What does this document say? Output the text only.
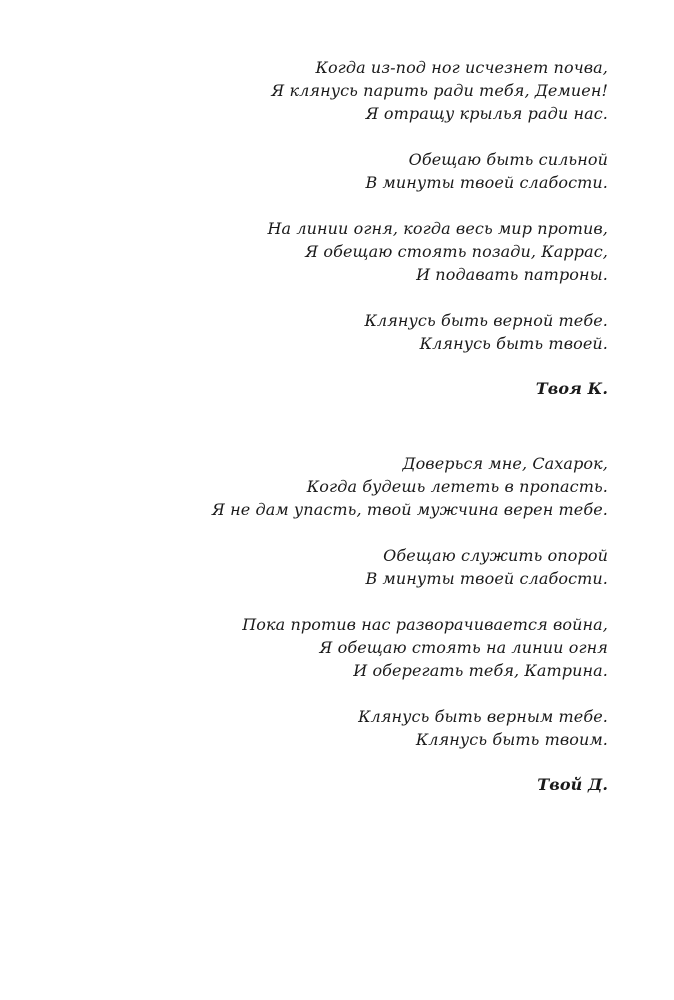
Когда из-под ног исчезнет почва,
Я клянусь парить ради тебя, Демиен!
Я отращу крылья ради нас.
Обещаю быть сильной
В минуты твоей слабости.
На линии огня, когда весь мир против,
Я обещаю стоять позади, Каррас,
И подавать патроны.
Клянусь быть верной тебе.
Клянусь быть твоей.
Твоя К.
Доверься мне, Сахарок,
Когда будешь лететь в пропасть.
Я не дам упасть, твой мужчина верен тебе.
Обещаю служить опорой
В минуты твоей слабости.
Пока против нас разворачивается война,
Я обещаю стоять на линии огня
И оберегать тебя, Катрина.
Клянусь быть верным тебе.
Клянусь быть твоим.
Твой Д.
